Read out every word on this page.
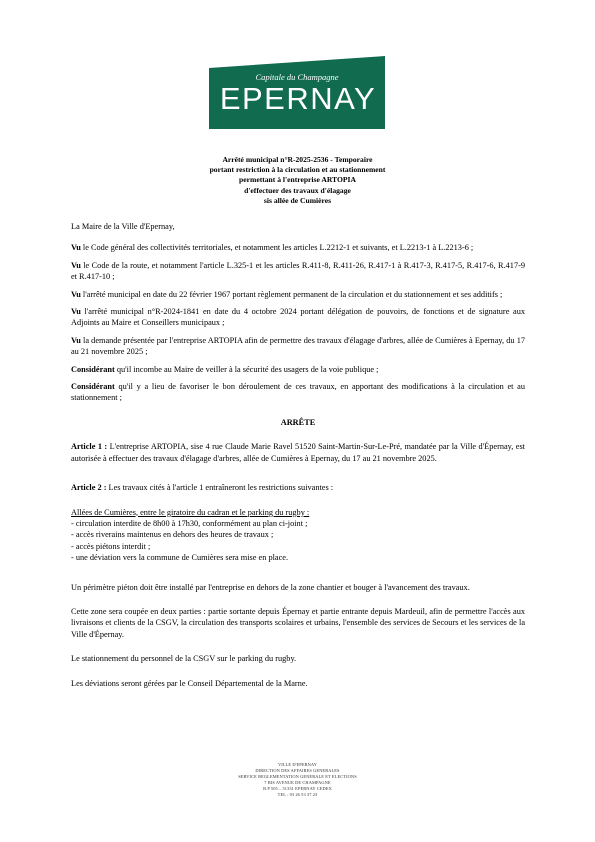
Capitale du Champagne
EPERNAY
Arrêté municipal n°R-2025-2536 - Temporaire
portant restriction à la circulation et au stationnement
permettant à l'entreprise ARTOPIA
d'effectuer des travaux d'élagage
sis allée de Cumières

La Maire de la Ville d'Epernay,

Vu le Code général des collectivités territoriales, et notamment les articles L.2212-1 et suivants, et L.2213-1 à L.2213-6 ;

Vu le Code de la route, et notamment l'article L.325-1 et les articles R.411-8, R.411-26, R.417-1 à R.417-3, R.417-5, R.417-6, R.417-9 et R.417-10 ;

Vu l'arrêté municipal en date du 22 février 1967 portant règlement permanent de la circulation et du stationnement et ses additifs ;

Vu l'arrêté municipal n°R-2024-1841 en date du 4 octobre 2024 portant délégation de pouvoirs, de fonctions et de signature aux Adjoints au Maire et Conseillers municipaux ;

Vu la demande présentée par l'entreprise ARTOPIA afin de permettre des travaux d'élagage d'arbres, allée de Cumières à Epernay, du 17 au 21 novembre 2025 ;

Considérant qu'il incombe au Maire de veiller à la sécurité des usagers de la voie publique ;

Considérant qu'il y a lieu de favoriser le bon déroulement de ces travaux, en apportant des modifications à la circulation et au stationnement ;

ARRÊTE

Article 1 : L'entreprise ARTOPIA, sise 4 rue Claude Marie Ravel 51520 Saint-Martin-Sur-Le-Pré, mandatée par la Ville d'Épernay, est autorisée à effectuer des travaux d'élagage d'arbres, allée de Cumières à Epernay, du 17 au 21 novembre 2025.

Article 2 : Les travaux cités à l'article 1 entraîneront les restrictions suivantes :

Allées de Cumières, entre le giratoire du cadran et le parking du rugby :

- circulation interdite de 8h00 à 17h30, conformément au plan ci-joint ;
- accès riverains maintenus en dehors des heures de travaux ;
- accès piétons interdit ;
- une déviation vers la commune de Cumières sera mise en place.

Un périmètre piéton doit être installé par l'entreprise en dehors de la zone chantier et bouger à l'avancement des travaux.

Cette zone sera coupée en deux parties : partie sortante depuis Épernay et partie entrante depuis Mardeuil, afin de permettre l'accès aux livraisons et clients de la CSGV, la circulation des transports scolaires et urbains, l'ensemble des services de Secours et les services de la Ville d'Épernay.

Le stationnement du personnel de la CSGV sur le parking du rugby.

Les déviations seront gérées par le Conseil Départemental de la Marne.

VILLE D'EPERNAY
DIRECTION DES AFFAIRES GENERALES
SERVICE REGLEMENTATION GENERALE ET ELECTIONS
7 BIS AVENUE DE CHAMPAGNE
B.P 505 – 51331 EPERNAY CEDEX
TEL : 03 26 53 37 23
